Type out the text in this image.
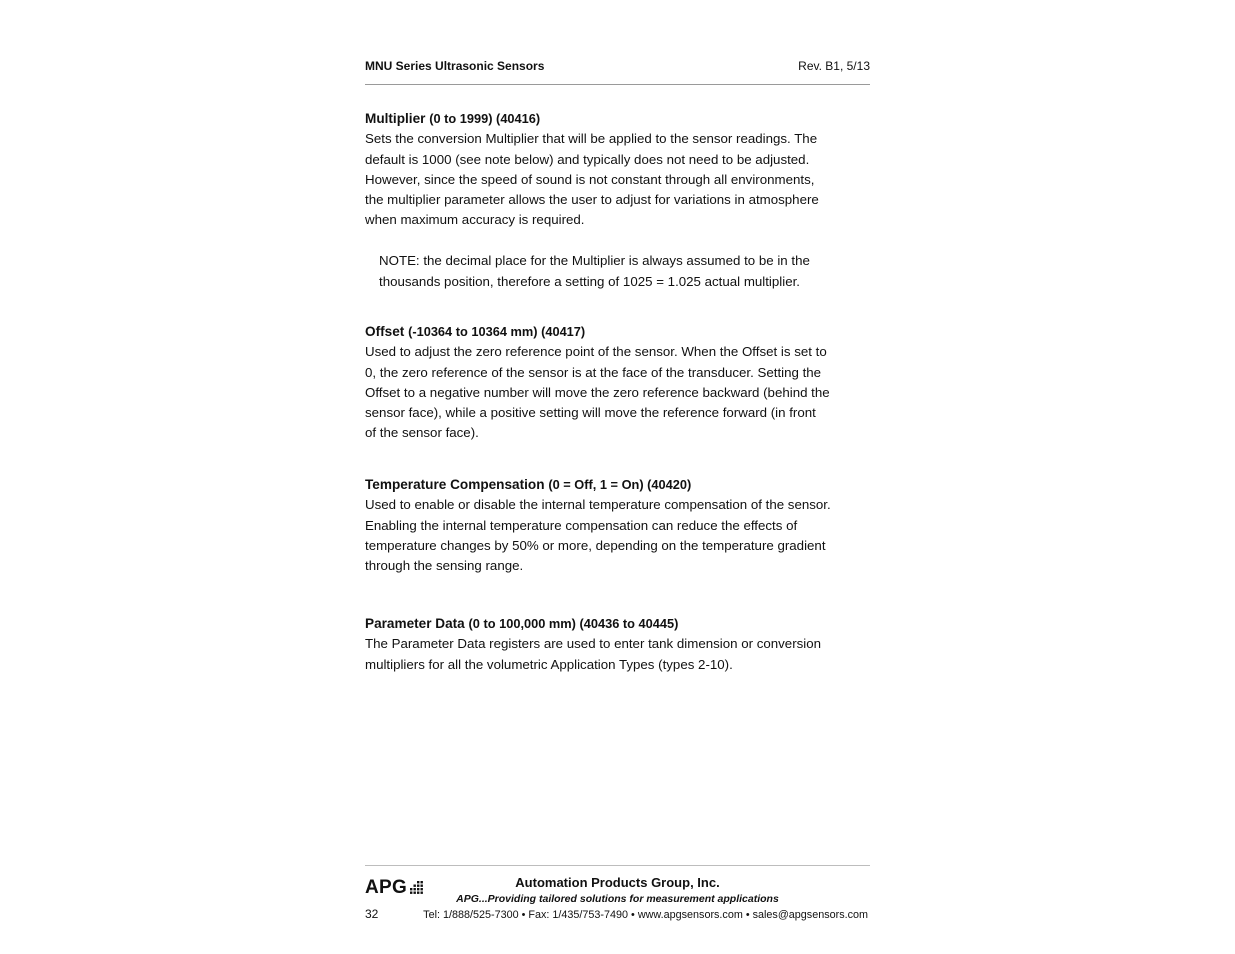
MNU Series Ultrasonic Sensors	Rev. B1, 5/13
Multiplier (0 to 1999) (40416)

Sets the conversion Multiplier that will be applied to the sensor readings. The

default is 1000 (see note below) and typically does not need to be adjusted.

However, since the speed of sound is not constant through all environments,

the multiplier parameter allows the user to adjust for variations in atmosphere

when maximum accuracy is required.

NOTE: the decimal place for the Multiplier is always assumed to be in the

thousands position, therefore a setting of 1025 = 1.025 actual multiplier.

Offset (-10364 to 10364 mm) (40417)

Used to adjust the zero reference point of the sensor. When the Offset is set to

0, the zero reference of the sensor is at the face of the transducer. Setting the

Offset to a negative number will move the zero reference backward (behind the

sensor face), while a positive setting will move the reference forward (in front

of the sensor face).

Temperature Compensation (0 = Off, 1 = On) (40420)

Used to enable or disable the internal temperature compensation of the sensor.

Enabling the internal temperature compensation can reduce the effects of

temperature changes by 50% or more, depending on the temperature gradient

through the sensing range.

Parameter Data (0 to 100,000 mm) (40436 to 40445)

The Parameter Data registers are used to enter tank dimension or conversion

multipliers for all the volumetric Application Types (types 2-10).

APG	Automation Products Group, Inc.
APG...Providing tailored solutions for measurement applications
32	Tel: 1/888/525-7300 • Fax: 1/435/753-7490 • www.apgsensors.com • sales@apgsensors.com
